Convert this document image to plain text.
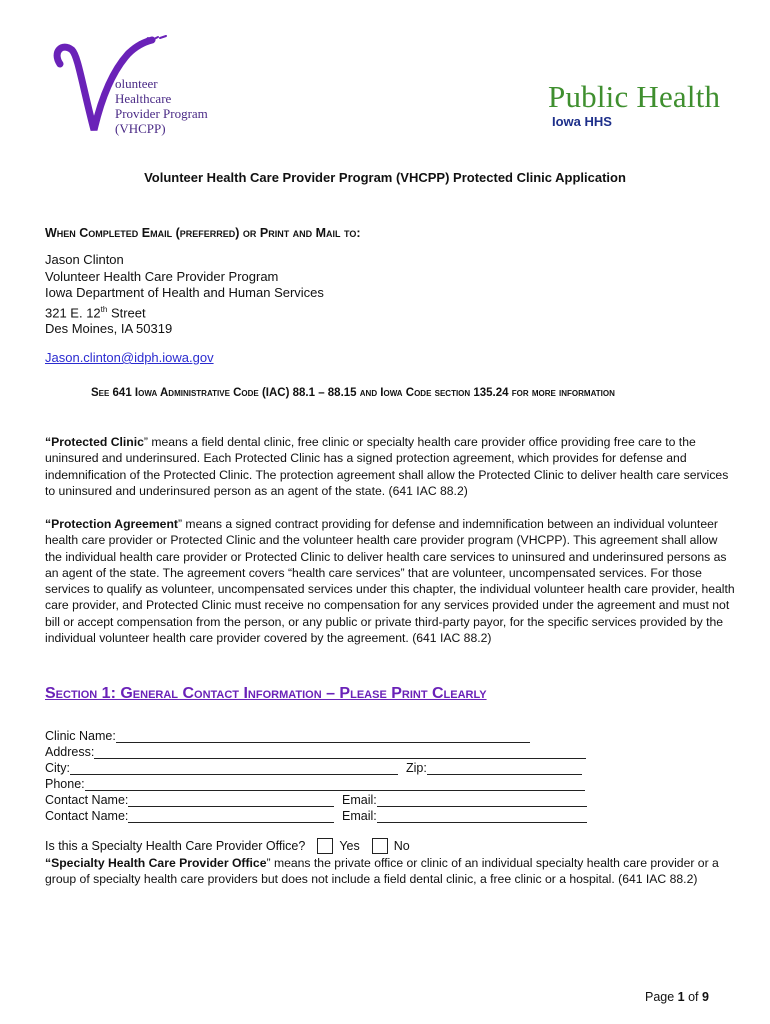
olunteer
Healthcare
Provider Program
(VHCPP)
Public Health
Iowa HHS
Volunteer Health Care Provider Program (VHCPP) Protected Clinic Application
When Completed Email (preferred) or Print and Mail to:
Jason Clinton
Volunteer Health Care Provider Program
Iowa Department of Health and Human Services
321 E. 12th Street
Des Moines, IA 50319
Jason.clinton@idph.iowa.gov
See 641 Iowa Administrative Code (IAC) 88.1 – 88.15 and Iowa Code section 135.24 for more information
“Protected Clinic” means a field dental clinic, free clinic or specialty health care provider office providing free care to the uninsured and underinsured. Each Protected Clinic has a signed protection agreement, which provides for defense and indemnification of the Protected Clinic. The protection agreement shall allow the Protected Clinic to deliver health care services to uninsured and underinsured person as an agent of the state. (641 IAC 88.2)
“Protection Agreement” means a signed contract providing for defense and indemnification between an individual volunteer health care provider or Protected Clinic and the volunteer health care provider program (VHCPP). This agreement shall allow the individual health care provider or Protected Clinic to deliver health care services to uninsured and underinsured persons as an agent of the state. The agreement covers “health care services” that are volunteer, uncompensated services. For those services to qualify as volunteer, uncompensated services under this chapter, the individual volunteer health care provider, health care provider, and Protected Clinic must receive no compensation for any services provided under the agreement and must not bill or accept compensation from the person, or any public or private third-party payor, for the specific services provided by the individual volunteer health care provider covered by the agreement. (641 IAC 88.2)
Section 1: General Contact Information – Please Print Clearly
Clinic Name:
Address:
City:	Zip:
Phone:
Contact Name:	Email:
Contact Name:	Email:
Is this a Specialty Health Care Provider Office?	Yes	No
“Specialty Health Care Provider Office” means the private office or clinic of an individual specialty health care provider or a group of specialty health care providers but does not include a field dental clinic, a free clinic or a hospital. (641 IAC 88.2)
Page 1 of 9
